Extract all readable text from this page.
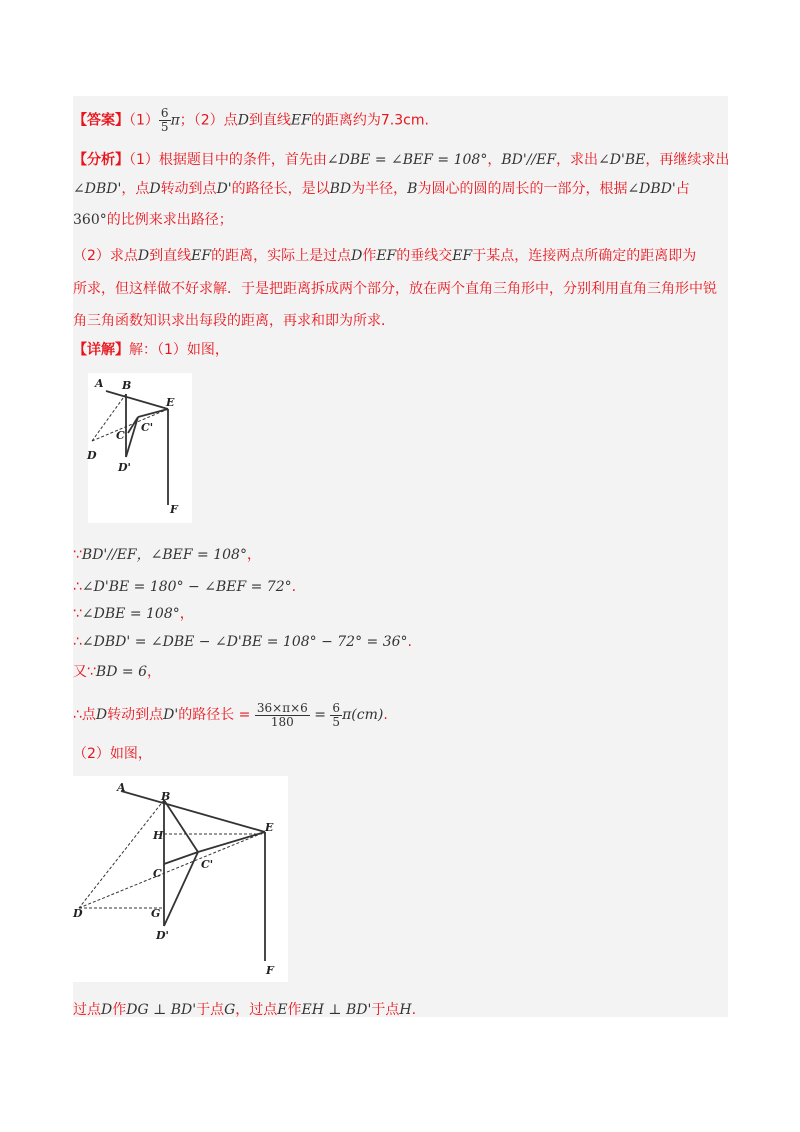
【答案】$(1) \frac{6}{5}$ π；（2）点D到直线EF的距离约为7.3cm.
【分析】（1）根据题目中的条件，首先由∠DBE = ∠BEF = 108°，BD'//EF，求出∠D'BE，再继续求出
∠DBD'，点D转动到点D'的路径长，是以BD为半径，B为圆心的圆的周长的一部分，根据∠DBD'占
360°的比例来求出路径；
（2）求点D到直线EF的距离，实际上是过点D作EF的垂线交EF于某点，连接两点所确定的距离即为
所求，但这样做不好求解．于是把距离拆成两个部分，放在两个直角三角形中，分别利用直角三角形中锐
角三角函数知识求出每段的距离，再求和即为所求．
【详解】解：（1）如图，
A B
E
C
C'
D
D'
F
∵BD'//EF，∠BEF = 108°，
∴∠D'BE = 180° − ∠BEF = 72°.
∵∠DBE = 108°，
∴∠DBD' = ∠DBE − ∠D'BE = 108° − 72° = 36°.
又∵BD = 6，
∴点D转动到点D'的路径长 = $\frac{36\times\pi\times 6}{180} = \frac{6}{5} \pi(cm)$.
（2）如图，
A
B
E
H
C'
C
D	G
D'
F
过点D作DG ⊥ BD'于点G，过点E作EH ⊥ BD'于点H.
